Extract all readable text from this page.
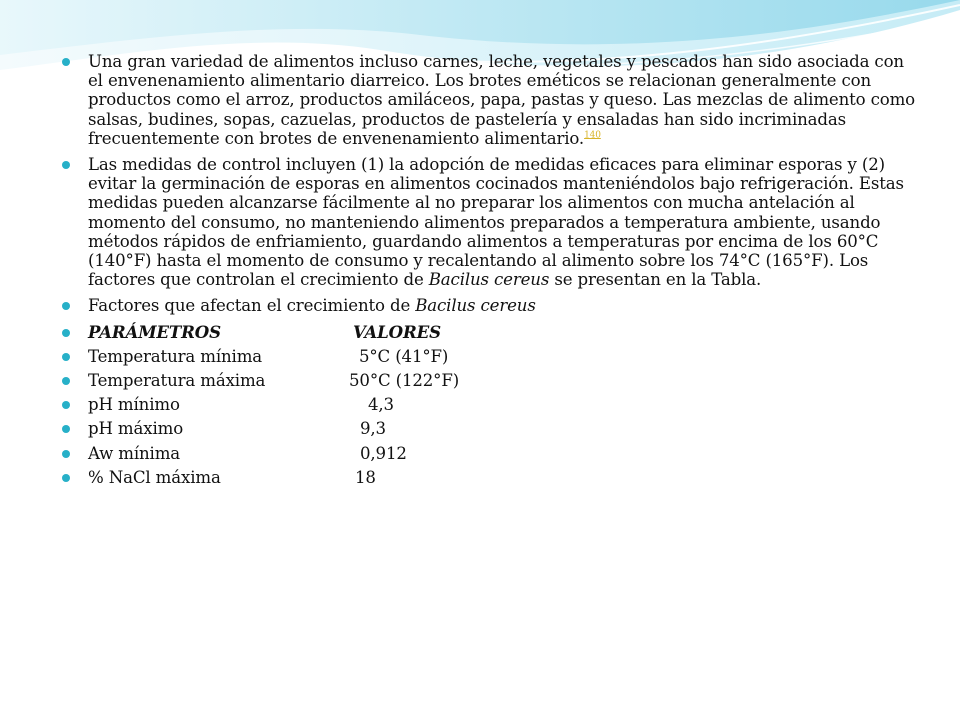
Una gran variedad de alimentos incluso carnes, leche, vegetales y pescados han sido asociada con el envenenamiento alimentario diarreico. Los brotes eméticos se relacionan generalmente con productos como el arroz, productos amiláceos, papa, pastas y queso. Las mezclas de alimento como salsas, budines, sopas, cazuelas, productos de pastelería y ensaladas han sido incriminadas frecuentemente con brotes de envenenamiento alimentario.$^{140}$
Las medidas de control incluyen (1) la adopción de medidas eficaces para eliminar esporas y (2) evitar la germinación de esporas en alimentos cocinados manteniéndolos bajo refrigeración. Estas medidas pueden alcanzarse fácilmente al no preparar los alimentos con mucha antelación al momento del consumo, no manteniendo alimentos preparados a temperatura ambiente, usando métodos rápidos de enfriamiento, guardando alimentos a temperaturas por encima de los 60°C (140°F) hasta el momento de consumo y recalentando al alimento sobre los 74°C (165°F). Los factores que controlan el crecimiento de Bacilus cereus se presentan en la Tabla.
Factores que afectan el crecimiento de Bacilus cereus
PARÁMETROS	VALORES
Temperatura mínima	5°C (41°F)
Temperatura máxima	50°C (122°F)
pH mínimo	4,3
pH máximo	9,3
Aw mínima	0,912
% NaCl máxima	18
